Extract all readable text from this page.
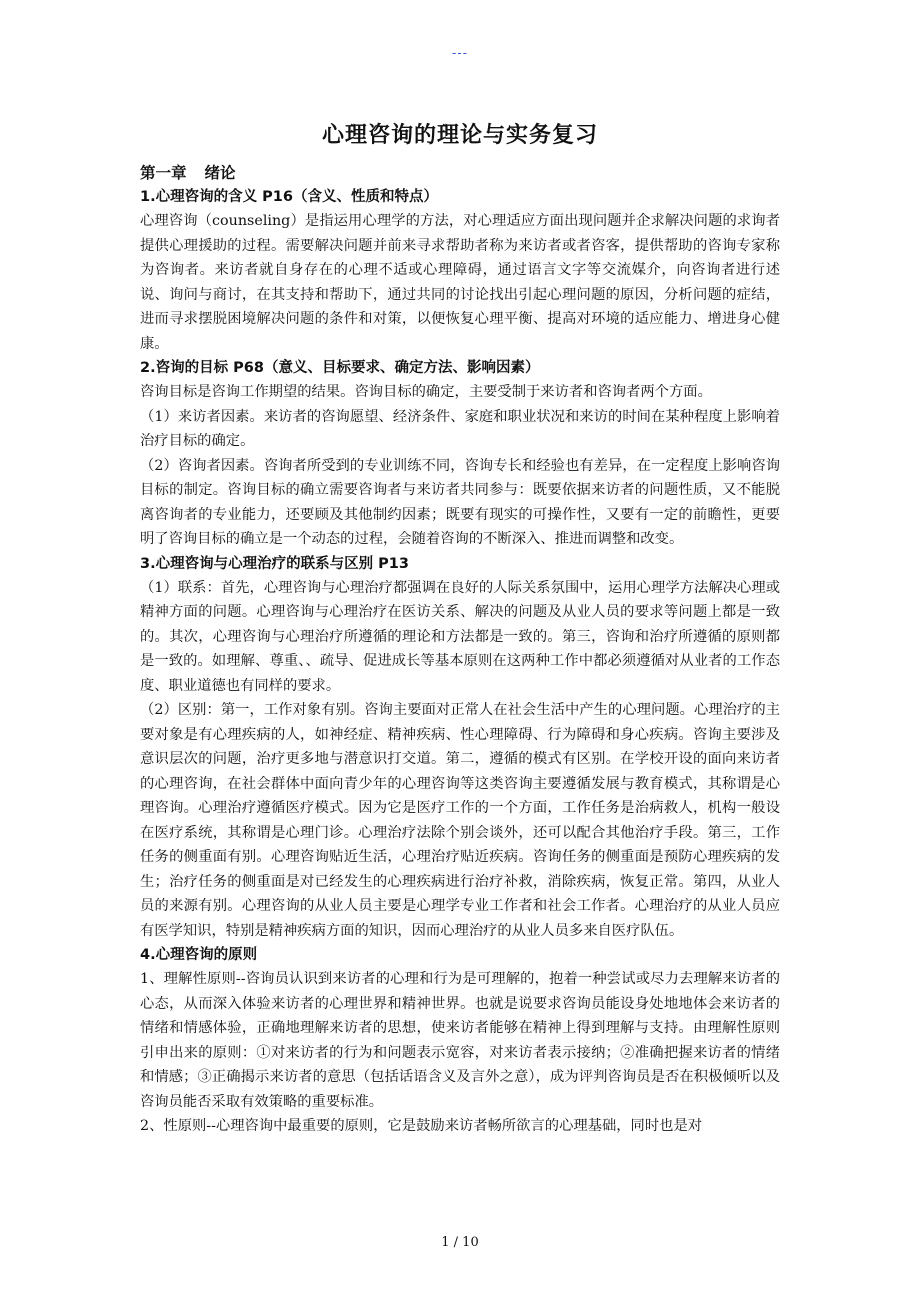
---
心理咨询的理论与实务复习
第一章 绪论

1.心理咨询的含义 P16（含义、性质和特点）

心理咨询（counseling）是指运用心理学的方法，对心理适应方面出现问题并企求解决问题的求询者提供心理援助的过程。需要解决问题并前来寻求帮助者称为来访者或者咨客，提供帮助的咨询专家称为咨询者。来访者就自身存在的心理不适或心理障碍，通过语言文字等交流媒介，向咨询者进行述说、询问与商讨，在其支持和帮助下，通过共同的讨论找出引起心理问题的原因，分析问题的症结，进而寻求摆脱困境解决问题的条件和对策，以便恢复心理平衡、提高对环境的适应能力、增进身心健康。

2.咨询的目标 P68（意义、目标要求、确定方法、影响因素）

咨询目标是咨询工作期望的结果。咨询目标的确定，主要受制于来访者和咨询者两个方面。

（1）来访者因素。来访者的咨询愿望、经济条件、家庭和职业状况和来访的时间在某种程度上影响着治疗目标的确定。

（2）咨询者因素。咨询者所受到的专业训练不同，咨询专长和经验也有差异，在一定程度上影响咨询目标的制定。咨询目标的确立需要咨询者与来访者共同参与：既要依据来访者的问题性质，又不能脱离咨询者的专业能力，还要顾及其他制约因素；既要有现实的可操作性，又要有一定的前瞻性，更要明了咨询目标的确立是一个动态的过程，会随着咨询的不断深入、推进而调整和改变。

3.心理咨询与心理治疗的联系与区别 P13

（1）联系：首先，心理咨询与心理治疗都强调在良好的人际关系氛围中，运用心理学方法解决心理或精神方面的问题。心理咨询与心理治疗在医访关系、解决的问题及从业人员的要求等问题上都是一致的。其次，心理咨询与心理治疗所遵循的理论和方法都是一致的。第三，咨询和治疗所遵循的原则都是一致的。如理解、尊重、、疏导、促进成长等基本原则在这两种工作中都必须遵循对从业者的工作态度、职业道德也有同样的要求。

（2）区别：第一，工作对象有别。咨询主要面对正常人在社会生活中产生的心理问题。心理治疗的主要对象是有心理疾病的人，如神经症、精神疾病、性心理障碍、行为障碍和身心疾病。咨询主要涉及意识层次的问题，治疗更多地与潜意识打交道。第二，遵循的模式有区别。在学校开设的面向来访者的心理咨询，在社会群体中面向青少年的心理咨询等这类咨询主要遵循发展与教育模式，其称谓是心理咨询。心理治疗遵循医疗模式。因为它是医疗工作的一个方面，工作任务是治病救人，机构一般设在医疗系统，其称谓是心理门诊。心理治疗法除个别会谈外，还可以配合其他治疗手段。第三，工作任务的侧重面有别。心理咨询贴近生活，心理治疗贴近疾病。咨询任务的侧重面是预防心理疾病的发生；治疗任务的侧重面是对已经发生的心理疾病进行治疗补救，消除疾病，恢复正常。第四，从业人员的来源有别。心理咨询的从业人员主要是心理学专业工作者和社会工作者。心理治疗的从业人员应有医学知识，特别是精神疾病方面的知识，因而心理治疗的从业人员多来自医疗队伍。

4.心理咨询的原则

1、理解性原则--咨询员认识到来访者的心理和行为是可理解的，抱着一种尝试或尽力去理解来访者的心态，从而深入体验来访者的心理世界和精神世界。也就是说要求咨询员能设身处地地体会来访者的情绪和情感体验，正确地理解来访者的思想，使来访者能够在精神上得到理解与支持。由理解性原则引申出来的原则：①对来访者的行为和问题表示宽容，对来访者表示接纳；②准确把握来访者的情绪和情感；③正确揭示来访者的意思（包括话语含义及言外之意），成为评判咨询员是否在积极倾听以及咨询员能否采取有效策略的重要标准。

2、性原则--心理咨询中最重要的原则，它是鼓励来访者畅所欲言的心理基础，同时也是对

1 / 10
